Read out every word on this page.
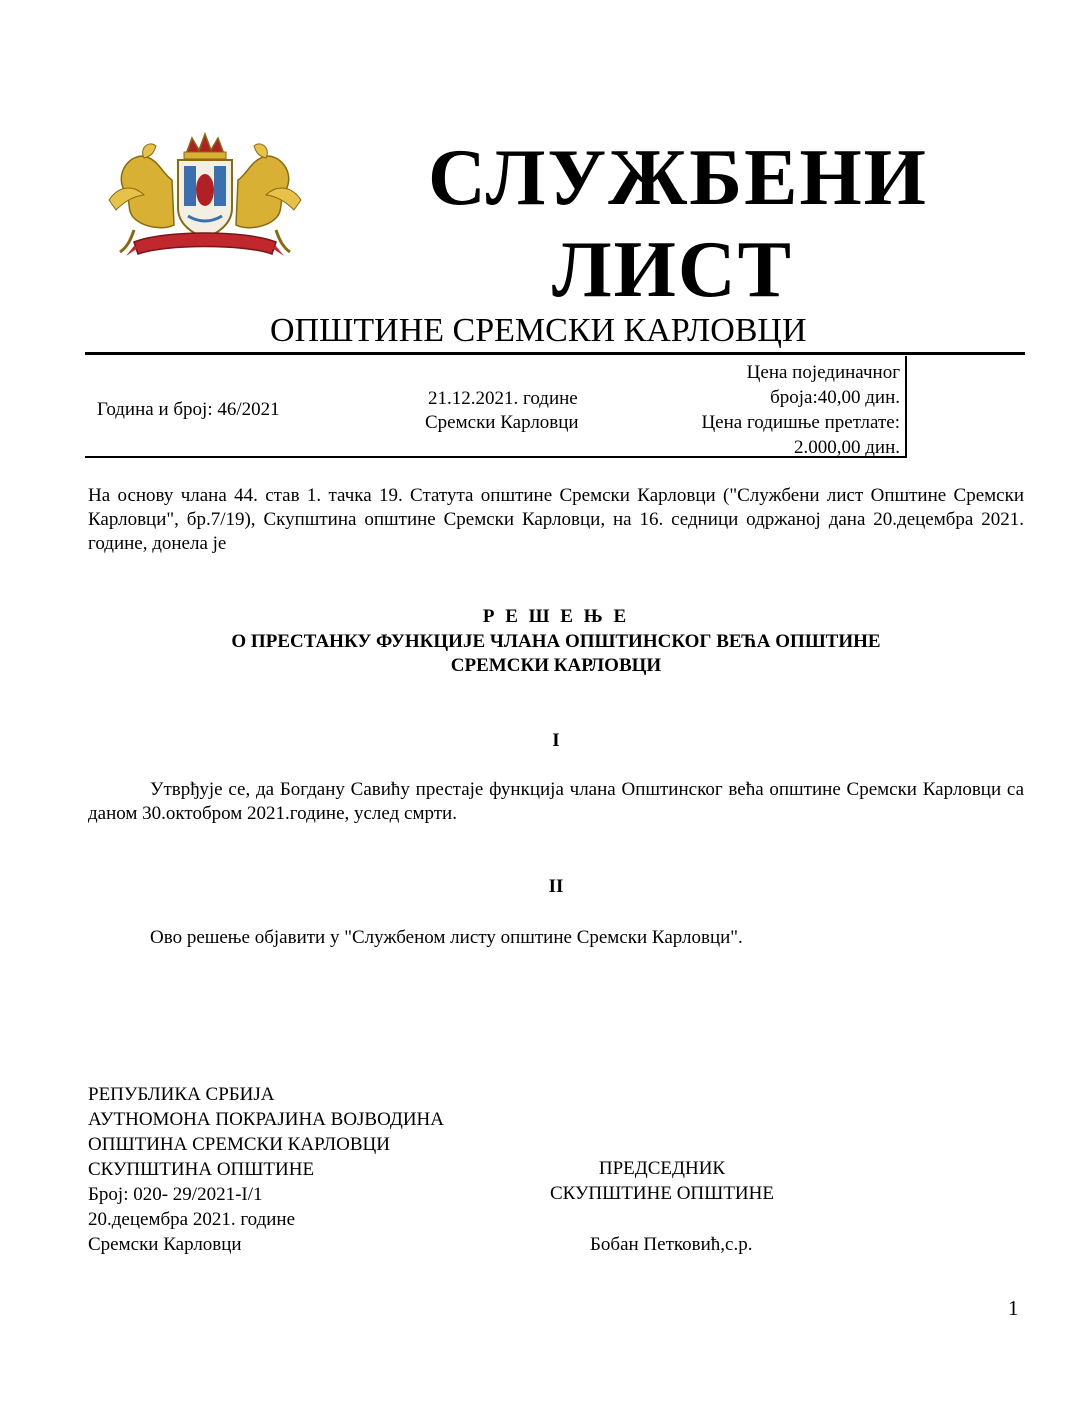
СЛУЖБЕНИ
ЛИСТ
ОПШТИНЕ СРЕМСКИ КАРЛОВЦИ
Година и број: 46/2021
21.12.2021. године
Сремски Карловци
Цена појединачног
броја:40,00 дин.
Цена годишње претлате:
2.000,00 дин.
На основу члана 44. став 1. тачка 19. Статута општине Сремски Карловци ("Службени лист Општине Сремски Карловци", бр.7/19), Скупштина општине Сремски Карловци, на 16. седници одржаној дана 20.децембра 2021. године, донела је
Р Е Ш Е Њ Е
О ПРЕСТАНКУ ФУНКЦИЈЕ ЧЛАНА ОПШТИНСКОГ ВЕЋА ОПШТИНЕ
СРЕМСКИ КАРЛОВЦИ
I
Утврђује се, да Богдану Савићу престаје функција члана Општинског већа општине Сремски Карловци са даном 30.октобром 2021.године, услед смрти.
II
Ово решење објавити у "Службеном листу општине Сремски Карловци".
РЕПУБЛИКА СРБИЈА
АУТНОМОНА ПОКРАЈИНА ВОЈВОДИНА
ОПШТИНА СРЕМСКИ КАРЛОВЦИ
СКУПШТИНА ОПШТИНЕ
Број: 020- 29/2021-I/1
20.децембра 2021. године
Сремски Карловци
ПРЕДСЕДНИК
СКУПШТИНЕ ОПШТИНЕ
Бобан Петковић,с.р.
1
